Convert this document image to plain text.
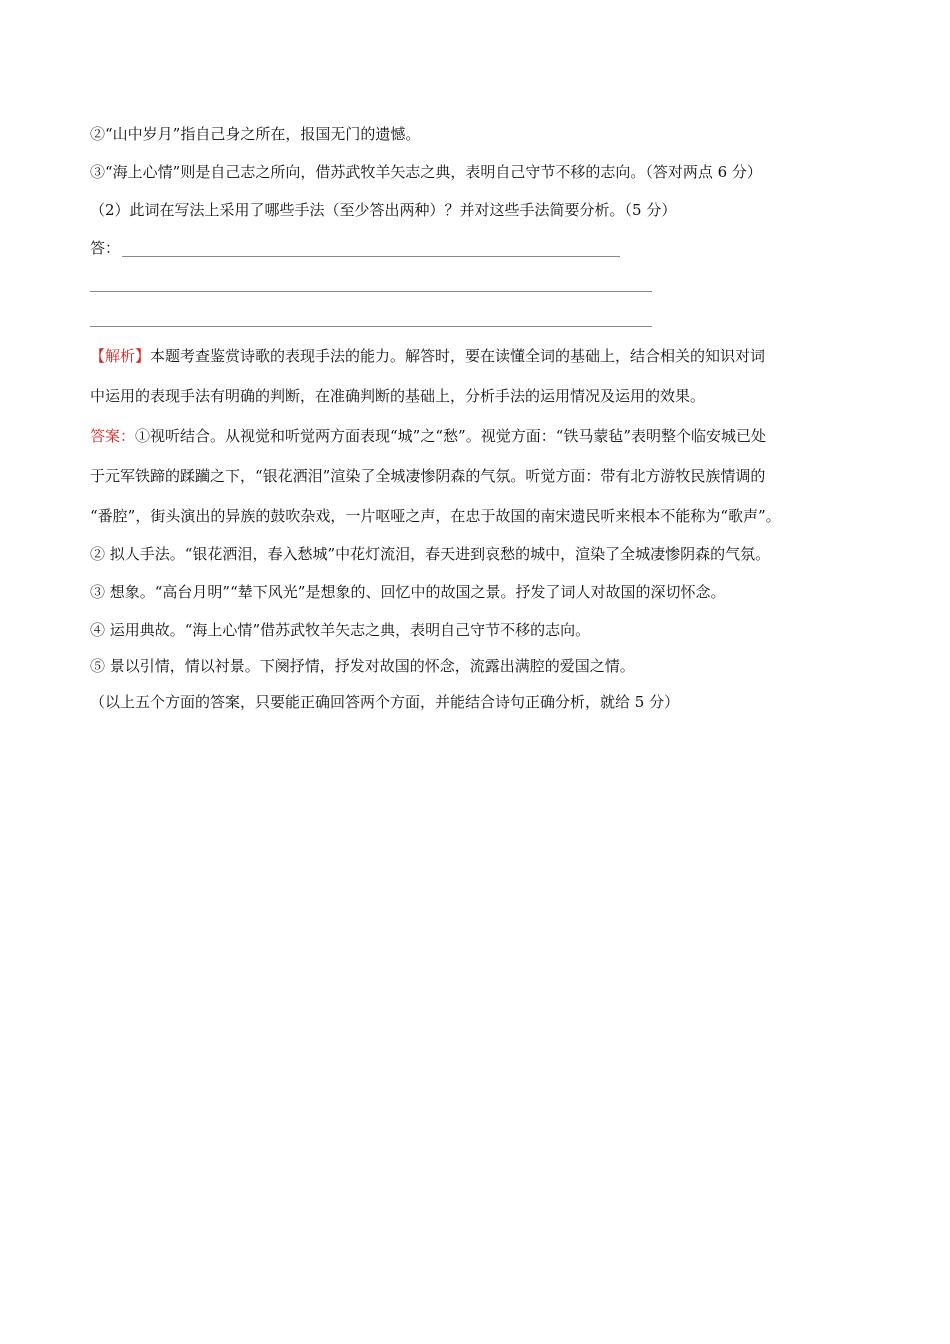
②“山中岁月”指自己身之所在，报国无门的遗憾。
③“海上心情”则是自己志之所向，借苏武牧羊矢志之典，表明自己守节不移的志向。（答对两点 6 分）
（2）此词在写法上采用了哪些手法（至少答出两种）？并对这些手法简要分析。（5 分）
答：
【解析】本题考查鉴赏诗歌的表现手法的能力。解答时，要在读懂全词的基础上，结合相关的知识对词
中运用的表现手法有明确的判断，在准确判断的基础上，分析手法的运用情况及运用的效果。
答案：①视听结合。从视觉和听觉两方面表现“城”之“愁”。视觉方面：“铁马蒙毡”表明整个临安城已处
于元军铁蹄的蹂躏之下，“银花洒泪”渲染了全城凄惨阴森的气氛。听觉方面：带有北方游牧民族情调的
“番腔”，街头演出的异族的鼓吹杂戏，一片呕哑之声，在忠于故国的南宋遗民听来根本不能称为“歌声”。
② 拟人手法。“银花洒泪，春入愁城”中花灯流泪，春天进到哀愁的城中，渲染了全城凄惨阴森的气氛。
③ 想象。“高台月明”“辇下风光”是想象的、回忆中的故国之景。抒发了词人对故国的深切怀念。
④ 运用典故。“海上心情”借苏武牧羊矢志之典，表明自己守节不移的志向。
⑤ 景以引情，情以衬景。下阕抒情，抒发对故国的怀念，流露出满腔的爱国之情。
（以上五个方面的答案，只要能正确回答两个方面，并能结合诗句正确分析，就给 5 分）
